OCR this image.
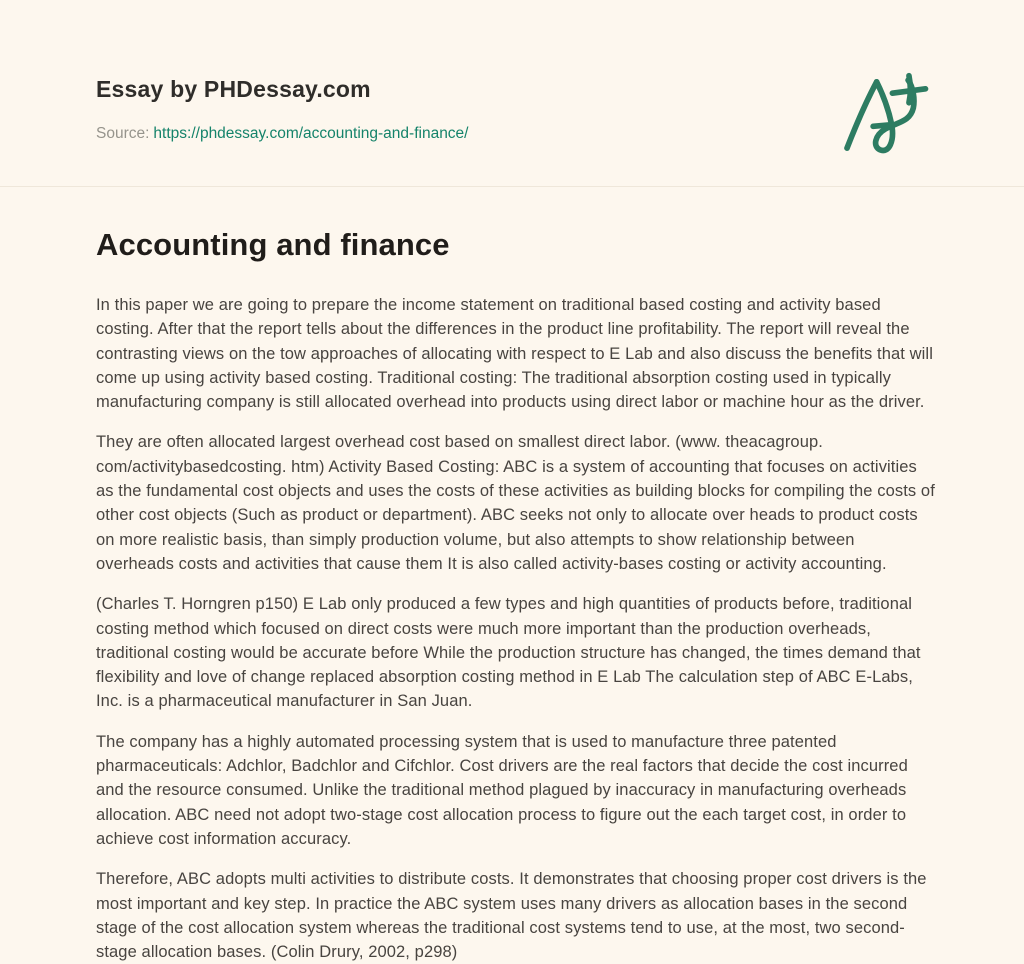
Essay by PHDessay.com
Source: https://phdessay.com/accounting-and-finance/
Accounting and finance

In this paper we are going to prepare the income statement on traditional based costing and activity based costing. After that the report tells about the differences in the product line profitability. The report will reveal the contrasting views on the tow approaches of allocating with respect to E Lab and also discuss the benefits that will come up using activity based costing. Traditional costing: The traditional absorption costing used in typically manufacturing company is still allocated overhead into products using direct labor or machine hour as the driver.

They are often allocated largest overhead cost based on smallest direct labor. (www. theacagroup. com/activitybasedcosting. htm) Activity Based Costing: ABC is a system of accounting that focuses on activities as the fundamental cost objects and uses the costs of these activities as building blocks for compiling the costs of other cost objects (Such as product or department). ABC seeks not only to allocate over heads to product costs on more realistic basis, than simply production volume, but also attempts to show relationship between overheads costs and activities that cause them It is also called activity-bases costing or activity accounting.

(Charles T. Horngren p150) E Lab only produced a few types and high quantities of products before, traditional costing method which focused on direct costs were much more important than the production overheads, traditional costing would be accurate before While the production structure has changed, the times demand that flexibility and love of change replaced absorption costing method in E Lab The calculation step of ABC E-Labs, Inc. is a pharmaceutical manufacturer in San Juan.

The company has a highly automated processing system that is used to manufacture three patented pharmaceuticals: Adchlor, Badchlor and Cifchlor. Cost drivers are the real factors that decide the cost incurred and the resource consumed. Unlike the traditional method plagued by inaccuracy in manufacturing overheads allocation. ABC need not adopt two-stage cost allocation process to figure out the each target cost, in order to achieve cost information accuracy.

Therefore, ABC adopts multi activities to distribute costs. It demonstrates that choosing proper cost drivers is the most important and key step. In practice the ABC system uses many drivers as allocation bases in the second stage of the cost allocation system whereas the traditional cost systems tend to use, at the most, two second-stage allocation bases. (Colin Drury, 2002, p298)
